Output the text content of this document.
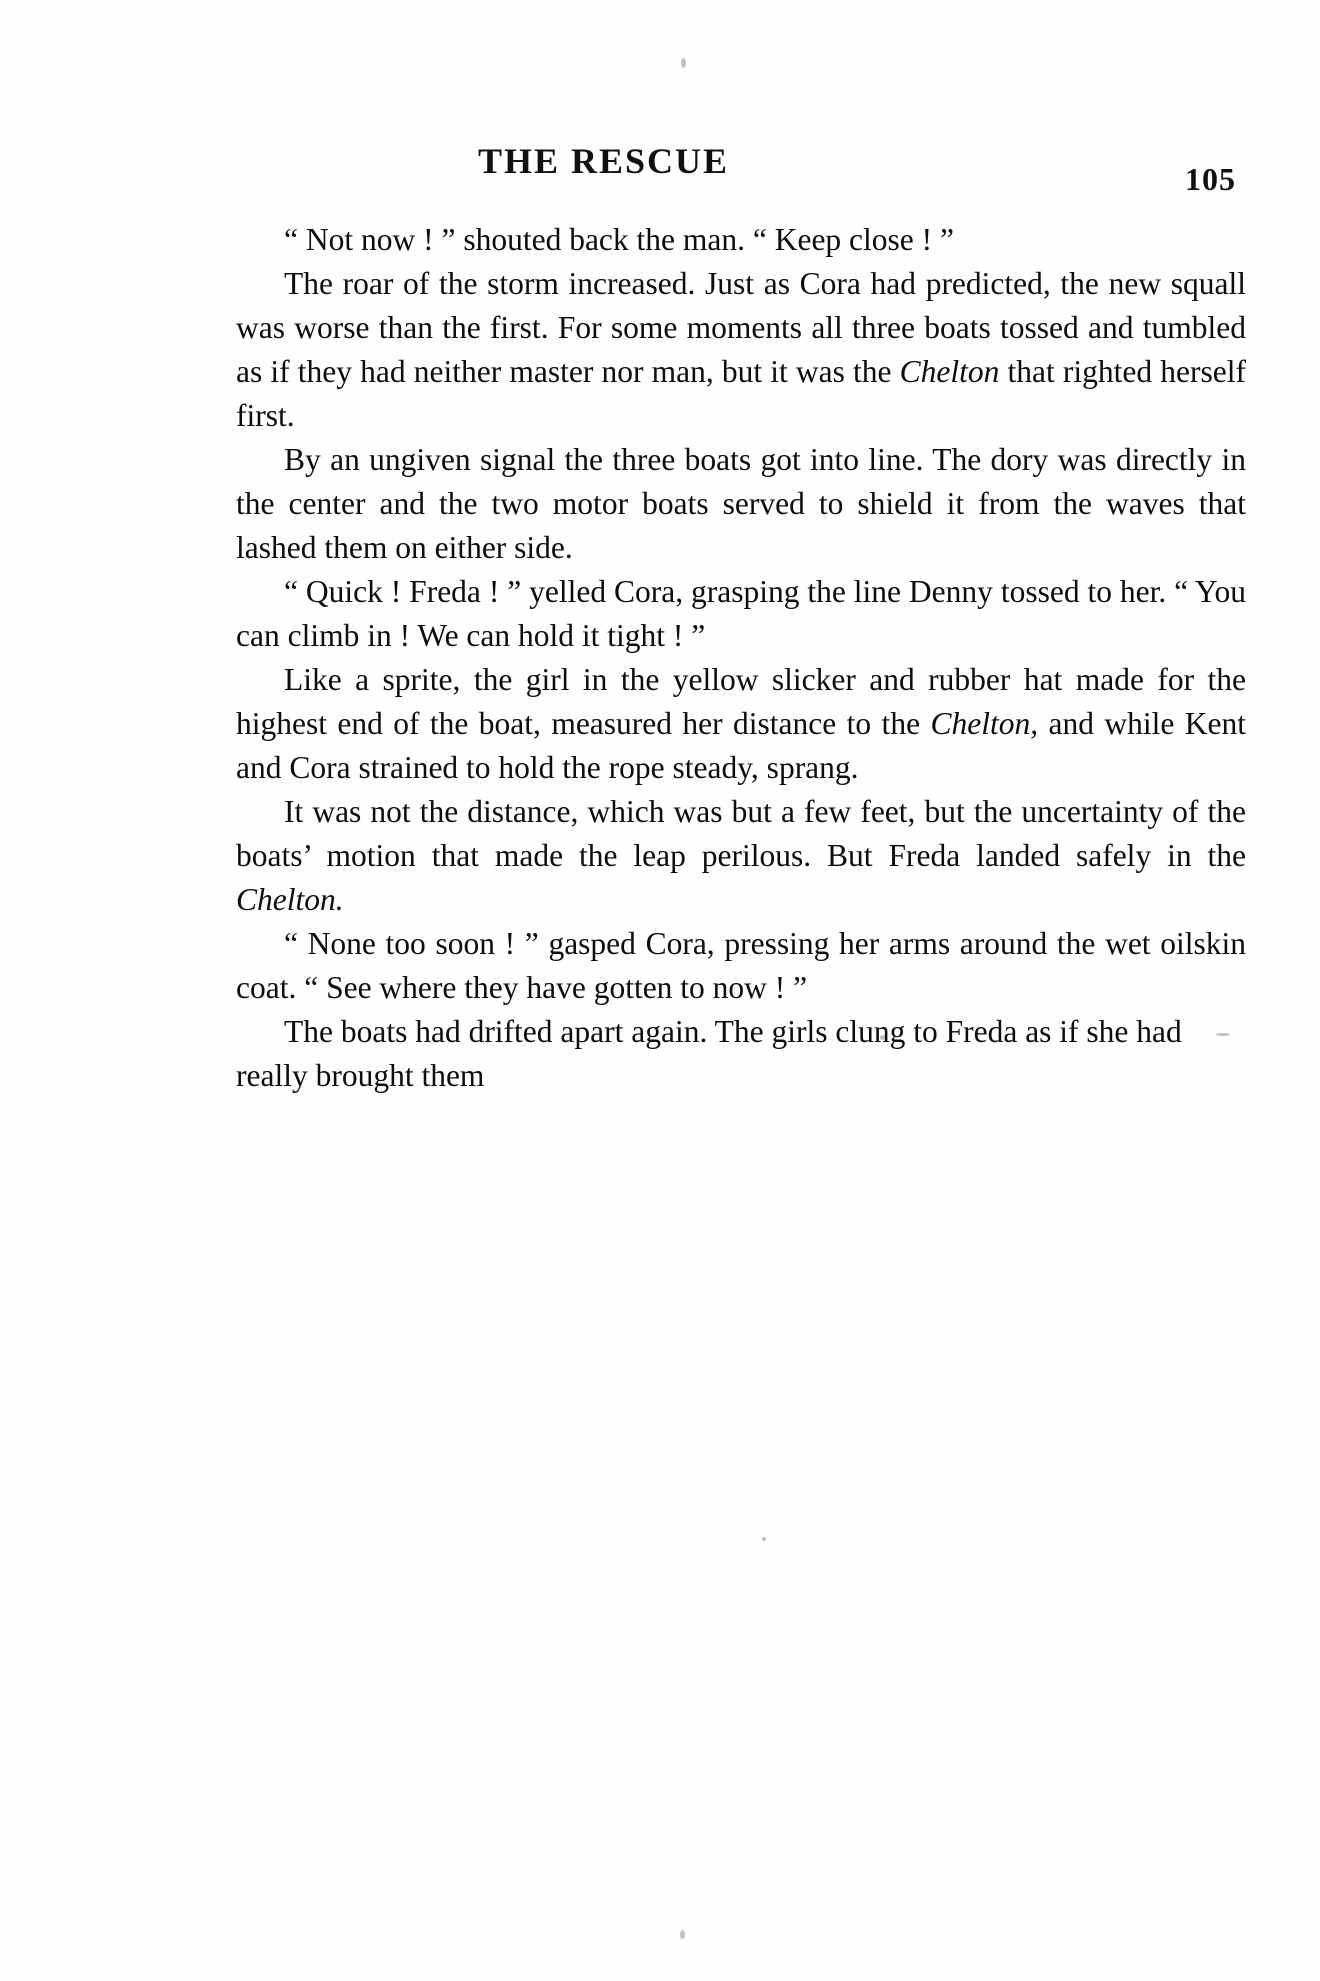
THE RESCUE	105

“ Not now ! ” shouted back the man. “ Keep close ! ”

The roar of the storm increased. Just as Cora had predicted, the new squall was worse than the first. For some moments all three boats tossed and tumbled as if they had neither master nor man, but it was the Chelton that righted herself first.

By an ungiven signal the three boats got into line. The dory was directly in the center and the two motor boats served to shield it from the waves that lashed them on either side.

“ Quick ! Freda ! ” yelled Cora, grasping the line Denny tossed to her. “ You can climb in ! We can hold it tight ! ”

Like a sprite, the girl in the yellow slicker and rubber hat made for the highest end of the boat, measured her distance to the Chelton, and while Kent and Cora strained to hold the rope steady, sprang.

It was not the distance, which was but a few feet, but the uncertainty of the boats’ motion that made the leap perilous. But Freda landed safely in the Chelton.

“ None too soon ! ” gasped Cora, pressing her arms around the wet oilskin coat. “ See where they have gotten to now ! ”

The boats had drifted apart again. The girls clung to Freda as if she had really brought them
